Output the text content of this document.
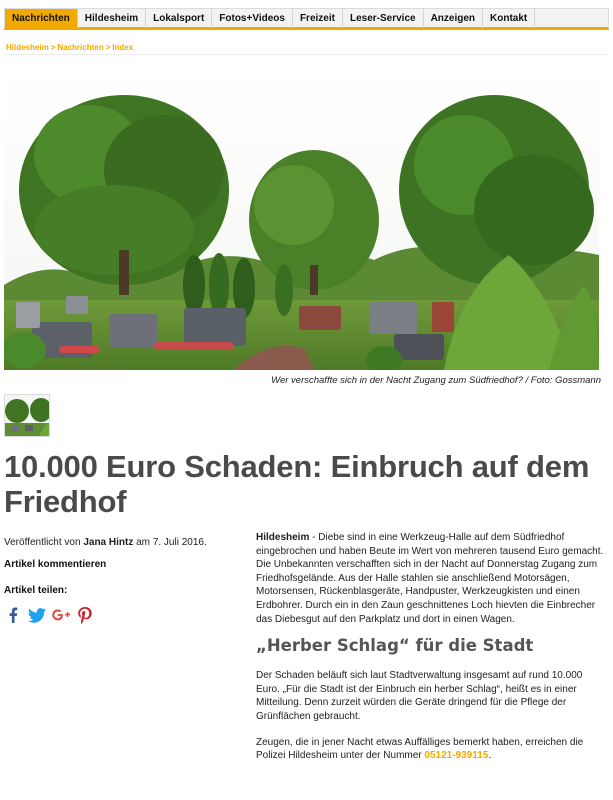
Nachrichten	Hildesheim	Lokalsport	Fotos+Videos	Freizeit	Leser-Service	Anzeigen	Kontakt
Hildesheim > Nachrichten > Index
Wer verschaffte sich in der Nacht Zugang zum Südfriedhof? / Foto: Gossmann
10.000 Euro Schaden: Einbruch auf dem Friedhof
Veröffentlicht von Jana Hintz am 7. Juli 2016.
Artikel kommentieren
Artikel teilen:

Hildesheim - Diebe sind in eine Werkzeug-Halle auf dem Südfriedhof eingebrochen und haben Beute im Wert von mehreren tausend Euro gemacht. Die Unbekannten verschafften sich in der Nacht auf Donnerstag Zugang zum Friedhofsgelände. Aus der Halle stahlen sie anschließend Motorsägen, Motorsensen, Rückenblasgeräte, Handpuster, Werkzeugkisten und einen Erdbohrer. Durch ein in den Zaun geschnittenes Loch hievten die Einbrecher das Diebesgut auf den Parkplatz und dort in einen Wagen.

„Herber Schlag“ für die Stadt

Der Schaden beläuft sich laut Stadtverwaltung insgesamt auf rund 10.000 Euro. „Für die Stadt ist der Einbruch ein herber Schlag“, heißt es in einer Mitteilung. Denn zurzeit würden die Geräte dringend für die Pflege der Grünflächen gebraucht.

Zeugen, die in jener Nacht etwas Auffälliges bemerkt haben, erreichen die Polizei Hildesheim unter der Nummer 05121-939115.
